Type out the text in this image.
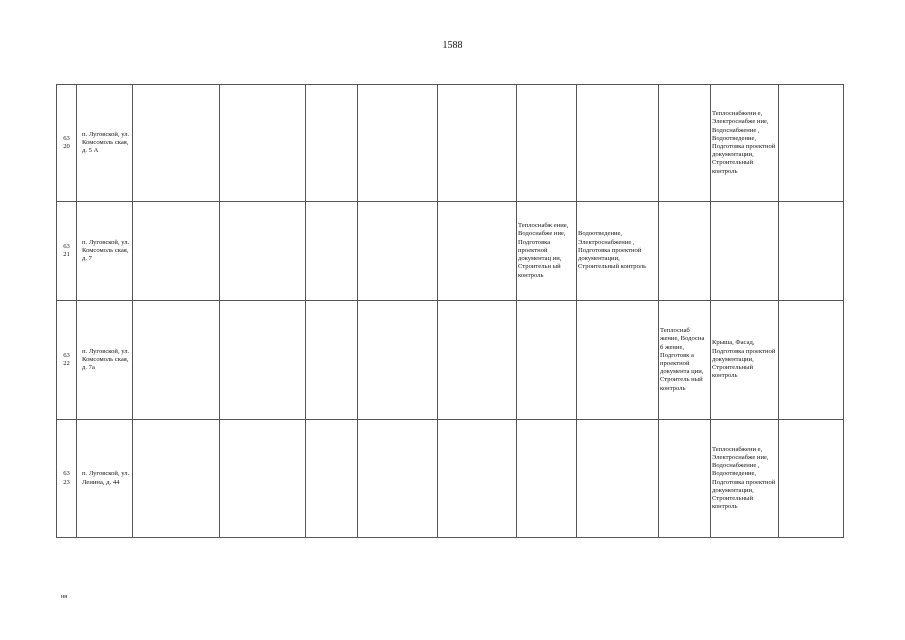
1588
63
20	п. Луговской, ул. Комсомоль ская, д. 5 А									Теплоснабжени е, Электроснабже ние, Водоснабжение , Водоотведение, Подготовка проектной документации, Строительный контроль	

63
21	п. Луговской, ул. Комсомоль ская, д. 7						Теплоснабж ение, Водоснабже ние, Подготовка проектной документац ии, Строительн ый контроль	Водоотведение, Электроснабжение , Подготовка проектной документации, Строительный контроль			

63
22	п. Луговской, ул. Комсомоль ская, д. 7а								Теплоснаб жение, Водосна б жение, Подготовк а проектной документа ции, Строитель ный контроль	Крыша, Фасад, Подготовка проектной документации, Строительный контроль	

63
23	п. Луговской, ул. Ленина, д. 44									Теплоснабжени е, Электроснабже ние, Водоснабжение , Водоотведение, Подготовка проектной документации, Строительный контроль	

нн
